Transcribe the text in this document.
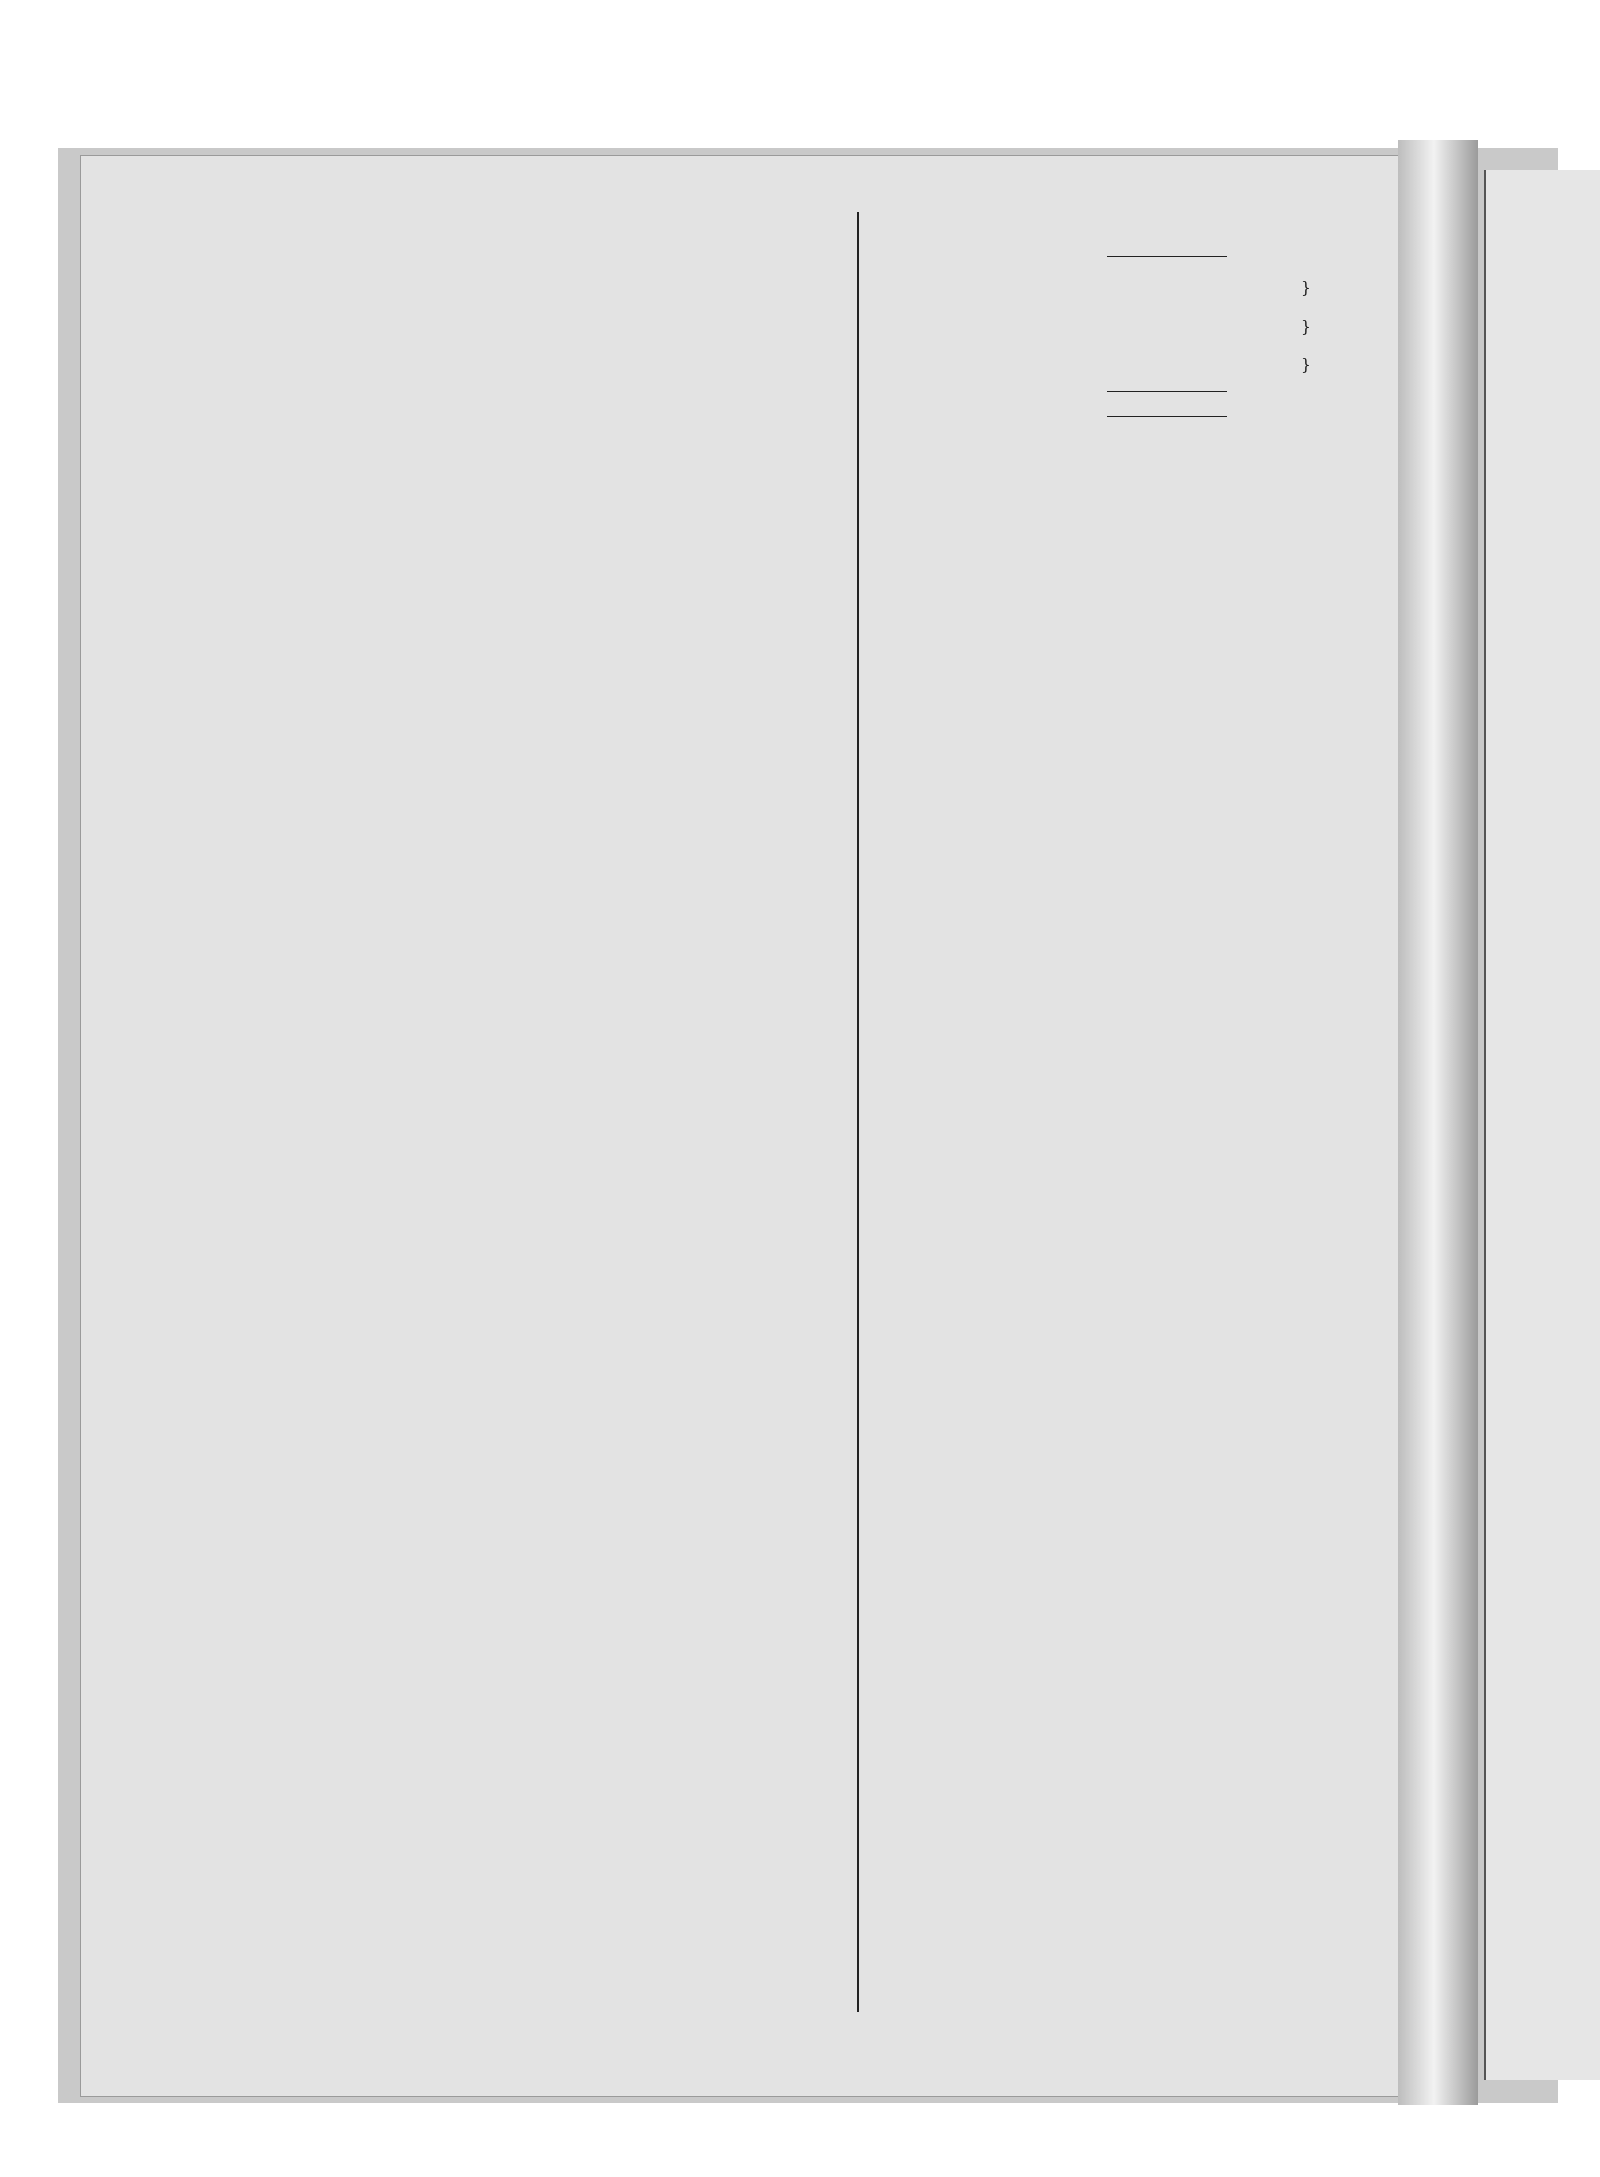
}
}
}
